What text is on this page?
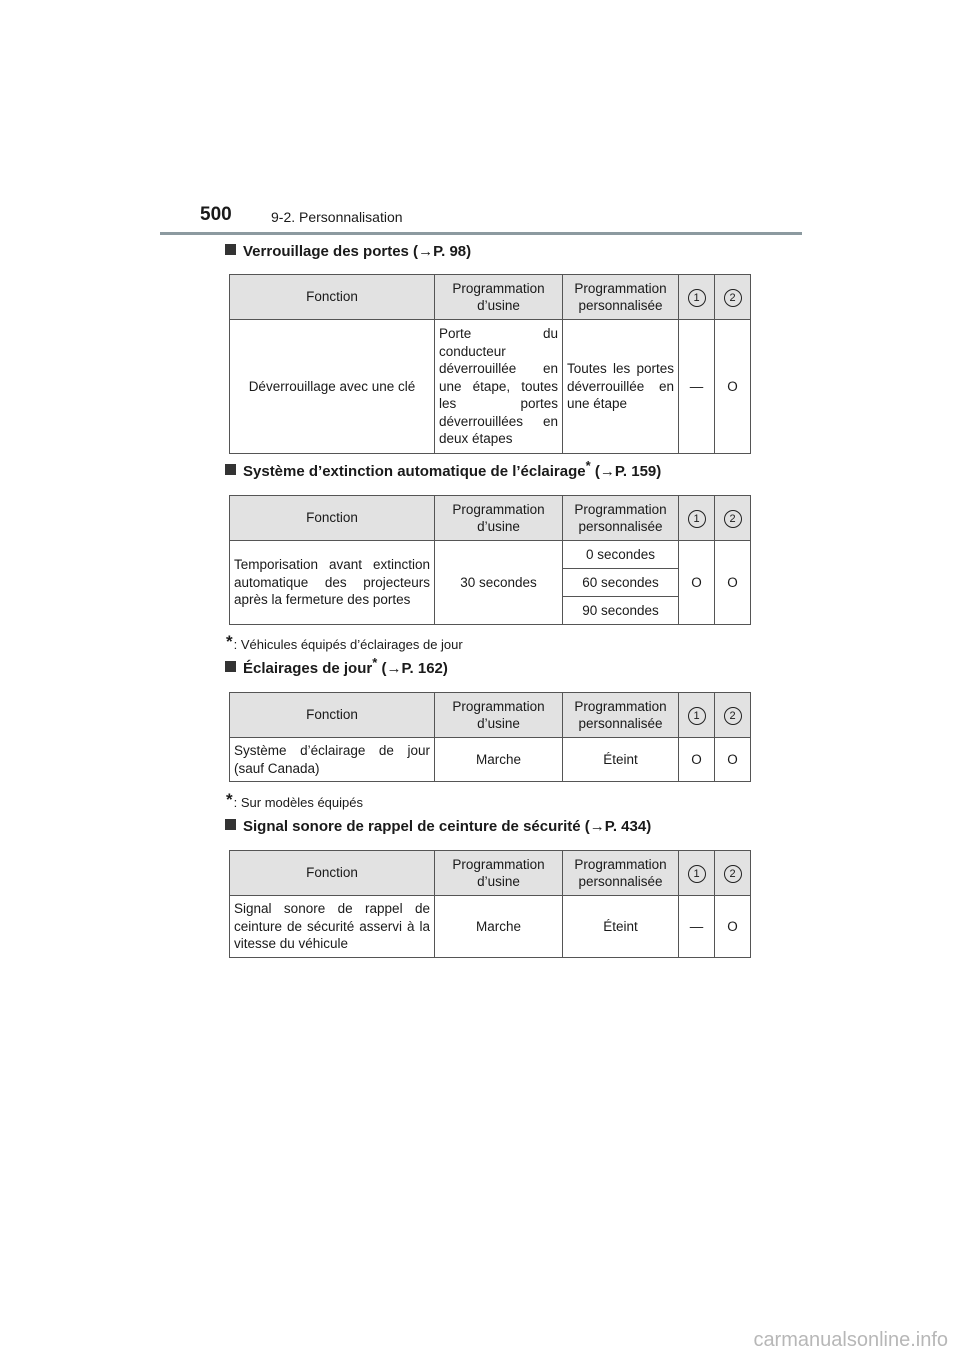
500	9-2. Personnalisation
Verrouillage des portes (→P. 98)
Fonction	Programmation d’usine	Programmation personnalisée	1	2
Déverrouillage avec une clé	Porte du conducteur déverrouillée en une étape, toutes les portes déverrouillées en deux étapes	Toutes les portes déverrouillée en une étape	—	O
Système d’extinction automatique de l’éclairage* (→P. 159)
Fonction	Programmation d’usine	Programmation personnalisée	1	2
Temporisation avant extinction automatique des projecteurs après la fermeture des portes	30 secondes	0 secondes	O	O
		60 secondes		
		90 secondes		
*: Véhicules équipés d’éclairages de jour
Éclairages de jour* (→P. 162)
Fonction	Programmation d’usine	Programmation personnalisée	1	2
Système d’éclairage de jour (sauf Canada)	Marche	Éteint	O	O
*: Sur modèles équipés
Signal sonore de rappel de ceinture de sécurité (→P. 434)
Fonction	Programmation d’usine	Programmation personnalisée	1	2
Signal sonore de rappel de ceinture de sécurité asservi à la vitesse du véhicule	Marche	Éteint	—	O
carmanualsonline.info
